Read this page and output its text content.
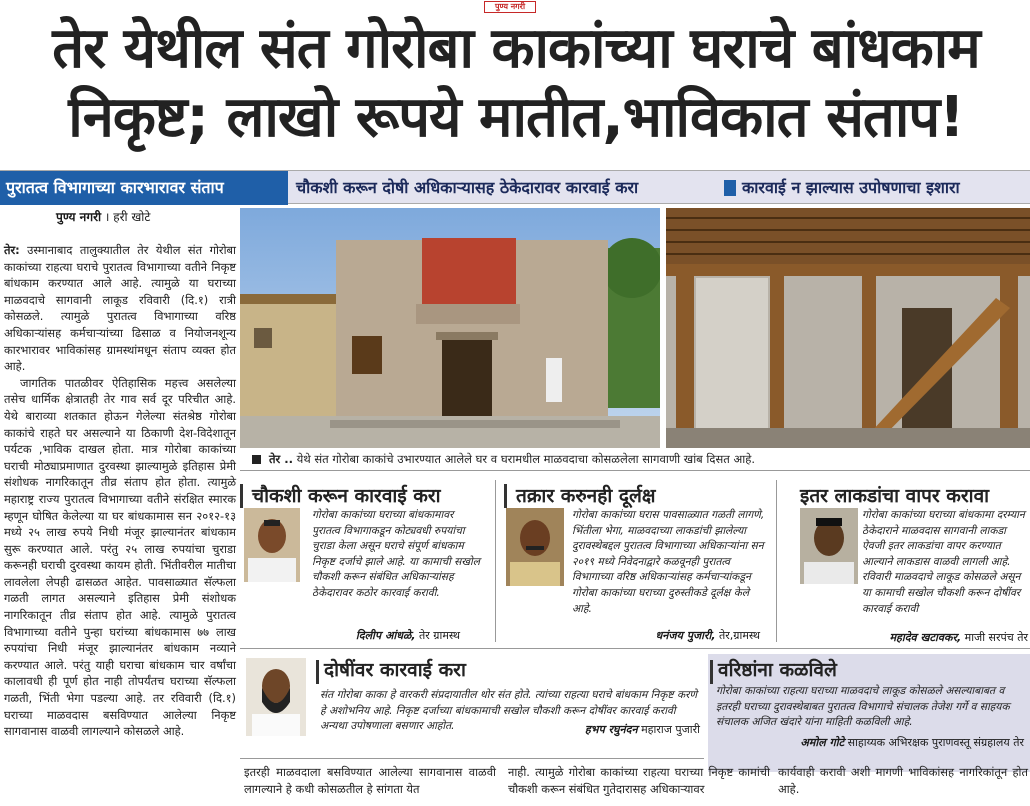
पुण्य नगरी
तेर येथील संत गोरोबा काकांच्या घराचे बांधकाम
निकृष्ट; लाखो रूपये मातीत,भाविकात संताप!
पुरातत्व विभागाच्या कारभारावर संताप	चौकशी करून दोषी अधिकाऱ्यासह ठेकेदारावर कारवाई करा	कारवाई न झाल्यास उपोषणाचा इशारा
पुण्य नगरी । हरी खोटे

तेर: उस्मानाबाद तालुक्यातील तेर येथील संत गोरोबा काकांच्या राहत्या घराचे पुरातत्व विभागाच्या वतीने निकृष्ट बांधकाम करण्यात आले आहे. त्यामुळे या घराच्या माळवदाचे सागवानी लाकूड रविवारी (दि.१) रात्री कोसळले. त्यामुळे पुरातत्व विभागाच्या वरिष्ठ अधिकाऱ्यांसह कर्मचाऱ्यांच्या ढिसाळ व नियोजनशून्य कारभारावर भाविकांसह ग्रामस्थांमधून संताप व्यक्त होत आहे.

जागतिक पातळीवर ऐतिहासिक महत्त्व असलेल्या तसेच धार्मिक क्षेत्रातही तेर गाव सर्व दूर परिचीत आहे. येथे बाराव्या शतकात होऊन गेलेल्या संतश्रेष्ठ गोरोबा काकांचे राहते घर असल्याने या ठिकाणी देश-विदेशातून पर्यटक ,भाविक दाखल होता. मात्र गोरोबा काकांच्या घराची मोठ्याप्रमाणात दुरवस्था झाल्यामुळे इतिहास प्रेमी संशोधक नागरिकातून तीव्र संताप होत होता. त्यामुळे महाराष्ट्र राज्य पुरातत्व विभागाच्या वतीने संरक्षित स्मारक म्हणून घोषित केलेल्या या घर बांधकामास सन २०१२-१३ मध्ये २५ लाख रुपये निधी मंजूर झाल्यानंतर बांधकाम सुरू करण्यात आले. परंतु २५ लाख रुपयांचा चुराडा करूनही घराची दुरवस्था कायम होती. भिंतीवरील मातीचा लावलेला लेपही ढासळत आहेत. पावसाळ्यात सॅल्फला गळती लागत असल्याने इतिहास प्रेमी संशोधक नागरिकातून तीव्र संताप होत आहे. त्यामुळे पुरातत्व विभागाच्या वतीने पुन्हा घरांच्या बांधकामास ७७ लाख रुपयांचा निधी मंजूर झाल्यानंतर बांधकाम नव्याने करण्यात आले. परंतु याही घराचा बांधकाम चार वर्षांचा कालावधी ही पूर्ण होत नाही तोपर्यंतच घराच्या सॅल्फला गळती, भिंती भेगा पडल्या आहे. तर रविवारी (दि.१) घराच्या माळवदास बसविण्यात आलेल्या निकृष्ट सागवानास वाळवी लागल्याने कोसळले आहे.

तेर .. येथे संत गोरोबा काकांचे उभारण्यात आलेले घर व घरामधील माळवदाचा कोसळलेला सागवाणी खांब दिसत आहे.
चौकशी करून कारवाई करा
गोरोबा काकांच्या घराच्या बांधकामावर पुरातत्व विभागाकडून कोट्यवधी रुपयांचा चुराडा केला असून घराचे संपूर्ण बांधकाम निकृष्ट दर्जाचे झाले आहे. या कामाची सखोल चौकशी करून संबंधित अधिकाऱ्यांसह ठेकेदारावर कठोर कारवाई करावी.
दिलीप आंधळे, तेर ग्रामस्थ
तक्रार करुनही दूर्लक्ष
गोरोबा काकांच्या घरास पावसाळ्यात गळती लागणे, भिंतीला भेगा, माळवदाच्या लाकडांची झालेल्या दुरावस्थेबद्दल पुरातत्व विभागाच्या अधिकाऱ्यांना सन २०१९ मध्ये निवेदनाद्वारे कळवूनही पुरातत्व विभागाच्या वरिष्ठ अधिकाऱ्यांसह कर्मचाऱ्यांकडून गोरोबा काकांच्या घराच्या दुरुस्तीकडे दूर्लक्ष केले आहे.
धनंजय पुजारी, तेर,ग्रामस्थ
इतर लाकडांचा वापर करावा
गोरोबा काकांच्या घराच्या बांधकामा दरम्यान ठेकेदाराने माळवदास सागवानी लाकडा ऐवजी इतर लाकडांचा वापर करण्यात आल्याने लाकडास वाळवी लागली आहे. रविवारी माळवदाचे लाकूड कोसळले असून या कामाची सखोल चौकशी करून दोषींवर कारवाई करावी
महादेव खटावकर, माजी सरपंच तेर
दोषींवर कारवाई करा
संत गोरोबा काका हे वारकरी संप्रदायातील थोर संत होते. त्यांच्या राहत्या घराचे बांधकाम निकृष्ट करणे हे अशोभनिय आहे. निकृष्ट दर्जाच्या बांधकामाची सखोल चौकशी करून दोषींवर कारवाई करावी अन्यथा उपोषणाला बसणार आहोत.	हभप रघुनंदन महाराज पुजारी
वरिष्ठांना कळविले
गोरोबा काकांच्या राहत्या घराच्या माळवदाचे लाकूड कोसळले असल्याबाबत व इतरही घराच्या दुरावस्थेबाबत पुरातत्व विभागाचे संचालक तेजेश गर्गे व साहयक संचालक अजित खंदारे यांना माहिती कळविली आहे.
अमोल गोटे साहाय्यक अभिरक्षक पुराणवस्तू संग्रहालय तेर
इतरही माळवदाला बसविण्यात आलेल्या सागवानास वाळवी लागल्याने हे कधी कोसळतील हे सांगता येत
नाही. त्यामुळे गोरोबा काकांच्या राहत्या घराच्या निकृष्ट कामांची चौकशी करून संबंधित गुतेदारासह अधिकाऱ्यावर
कार्यवाही करावी अशी मागणी भाविकांसह नागरिकांतून होत आहे.
